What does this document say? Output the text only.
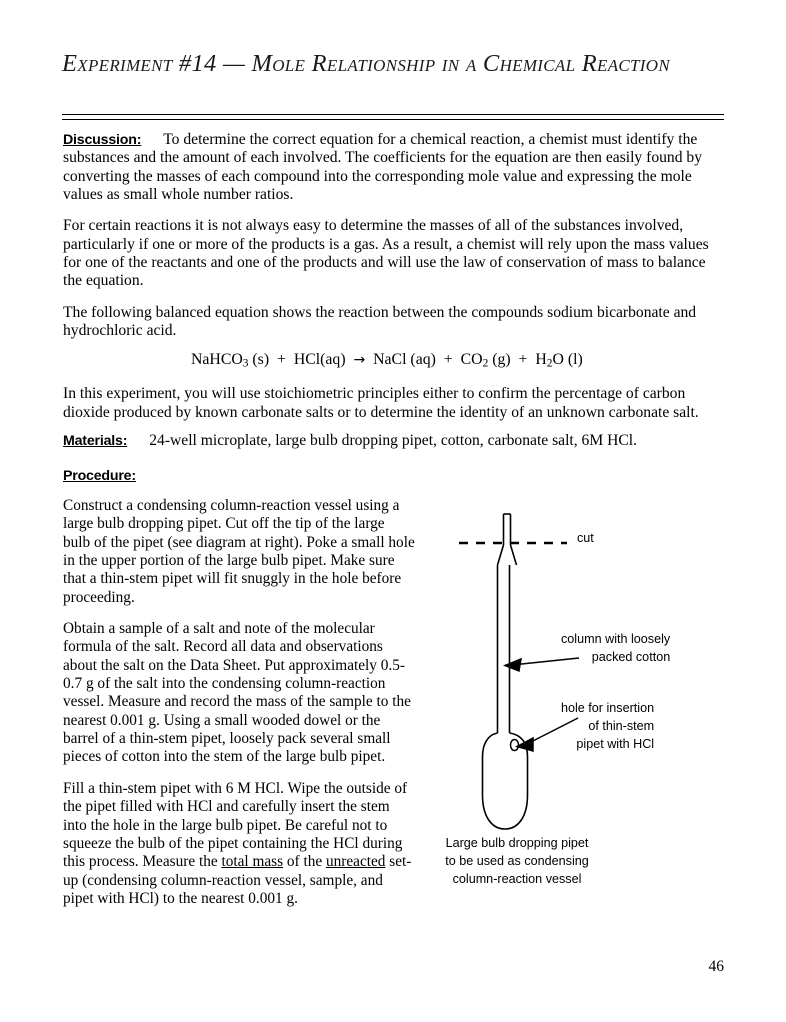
Experiment #14 — Mole Relationship in a Chemical Reaction

Discussion: To determine the correct equation for a chemical reaction, a chemist must identify the substances and the amount of each involved. The coefficients for the equation are then easily found by converting the masses of each compound into the corresponding mole value and expressing the mole values as small whole number ratios.

For certain reactions it is not always easy to determine the masses of all of the substances involved, particularly if one or more of the products is a gas. As a result, a chemist will rely upon the mass values for one of the reactants and one of the products and will use the law of conservation of mass to balance the equation.

The following balanced equation shows the reaction between the compounds sodium bicarbonate and hydrochloric acid.

NaHCO$_3$ (s) + HCl(aq) → NaCl $(aq) + CO_2$ $(g) + H_2O$ (l)

In this experiment, you will use stoichiometric principles either to confirm the percentage of carbon dioxide produced by known carbonate salts or to determine the identity of an unknown carbonate salt.

Materials: 24-well microplate, large bulb dropping pipet, cotton, carbonate salt, 6M HCl.

Procedure:

Construct a condensing column-reaction vessel using a large bulb dropping pipet. Cut off the tip of the large bulb of the pipet (see diagram at right). Poke a small hole in the upper portion of the large bulb pipet. Make sure that a thin-stem pipet will fit snuggly in the hole before proceeding.

Obtain a sample of a salt and note of the molecular formula of the salt. Record all data and observations about the salt on the Data Sheet. Put approximately 0.5-0.7 g of the salt into the condensing column-reaction vessel. Measure and record the mass of the sample to the nearest 0.001 g. Using a small wooded dowel or the barrel of a thin-stem pipet, loosely pack several small pieces of cotton into the stem of the large bulb pipet.

Fill a thin-stem pipet with 6 M HCl. Wipe the outside of the pipet filled with HCl and carefully insert the stem into the hole in the large bulb pipet. Be careful not to squeeze the bulb of the pipet containing the HCl during this process. Measure the total mass of the unreacted set-up (condensing column-reaction vessel, sample, and pipet with HCl) to the nearest 0.001 g.

cut
column with loosely
packed cotton
hole for insertion
of thin-stem
pipet with HCl
Large bulb dropping pipet
to be used as condensing
column-reaction vessel
46
